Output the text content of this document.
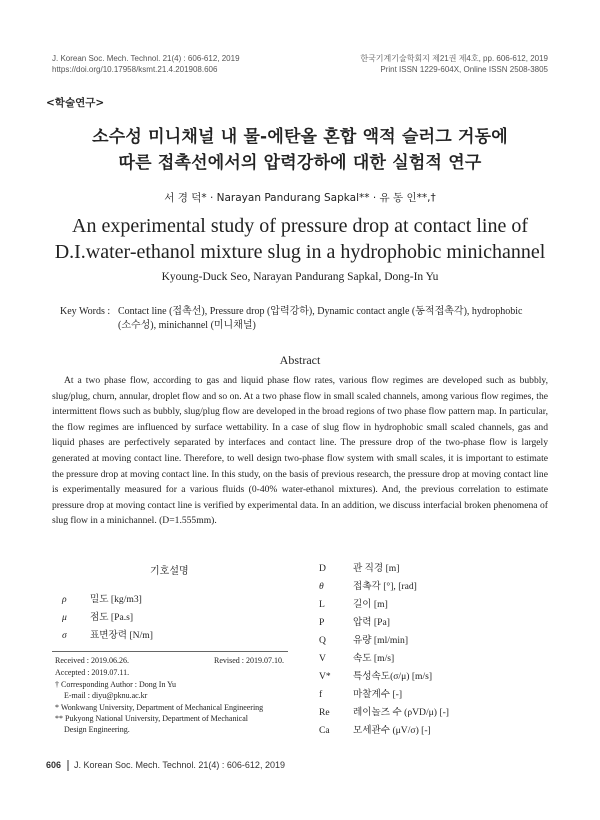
J. Korean Soc. Mech. Technol. 21(4) : 606-612, 2019
https://doi.org/10.17958/ksmt.21.4.201908.606
한국기계기술학회지 제21권 제4호, pp. 606-612, 2019
Print ISSN 1229-604X, Online ISSN 2508-3805
<학술연구>
소수성 미니채널 내 물-에탄올 혼합 액적 슬러그 거동에
따른 접촉선에서의 압력강하에 대한 실험적 연구
서 경 덕* · Narayan Pandurang Sapkal** · 유 동 인**,†
An experimental study of pressure drop at contact line of
D.I.water-ethanol mixture slug in a hydrophobic minichannel
Kyoung-Duck Seo, Narayan Pandurang Sapkal, Dong-In Yu
Key Words : Contact line (접촉선), Pressure drop (압력강하), Dynamic contact angle (동적접촉각), hydrophobic
(소수성), minichannel (미니채널)
Abstract
At a two phase flow, according to gas and liquid phase flow rates, various flow regimes are developed such as bubbly, slug/plug, churn, annular, droplet flow and so on. At a two phase flow in small scaled channels, among various flow regimes, the intermittent flows such as bubbly, slug/plug flow are developed in the broad regions of two phase flow pattern map. In particular, the flow regimes are influenced by surface wettability. In a case of slug flow in hydrophobic small scaled channels, gas and liquid phases are perfectively separated by interfaces and contact line. The pressure drop of the two-phase flow is largely generated at moving contact line. Therefore, to well design two-phase flow system with small scales, it is important to estimate the pressure drop at moving contact line. In this study, on the basis of previous research, the pressure drop at moving contact line is experimentally measured for a various fluids (0-40% water-ethanol mixtures). And, the previous correlation to estimate pressure drop at moving contact line is verified by experimental data. In an addition, we discuss interfacial broken phenomena of slug flow in a minichannel. (D=1.555mm).
기호설명
ρ 밀도 [kg/m3]
μ 점도 [Pa.s]
σ 표면장력 [N/m]
D	관 직경 [m]
θ	접촉각 [°], [rad]
L	길이 [m]
P	압력 [Pa]
Q	유량 [ml/min]
V	속도 [m/s]
V* 특성속도(σ/μ) [m/s]
f	마찰계수 [-]
Re 레이놀즈 수 (ρVD/μ) [-]
Ca 모세관수 (μV/σ) [-]
Received : 2019.06.26.	Revised : 2019.07.10.
Accepted : 2019.07.11.
† Corresponding Author : Dong In Yu
E-mail : diyu@pknu.ac.kr
* Wonkwang University, Department of Mechanical Engineering
** Pukyong National University, Department of Mechanical
Design Engineering.
606 J. Korean Soc. Mech. Technol. 21(4) : 606-612, 2019
